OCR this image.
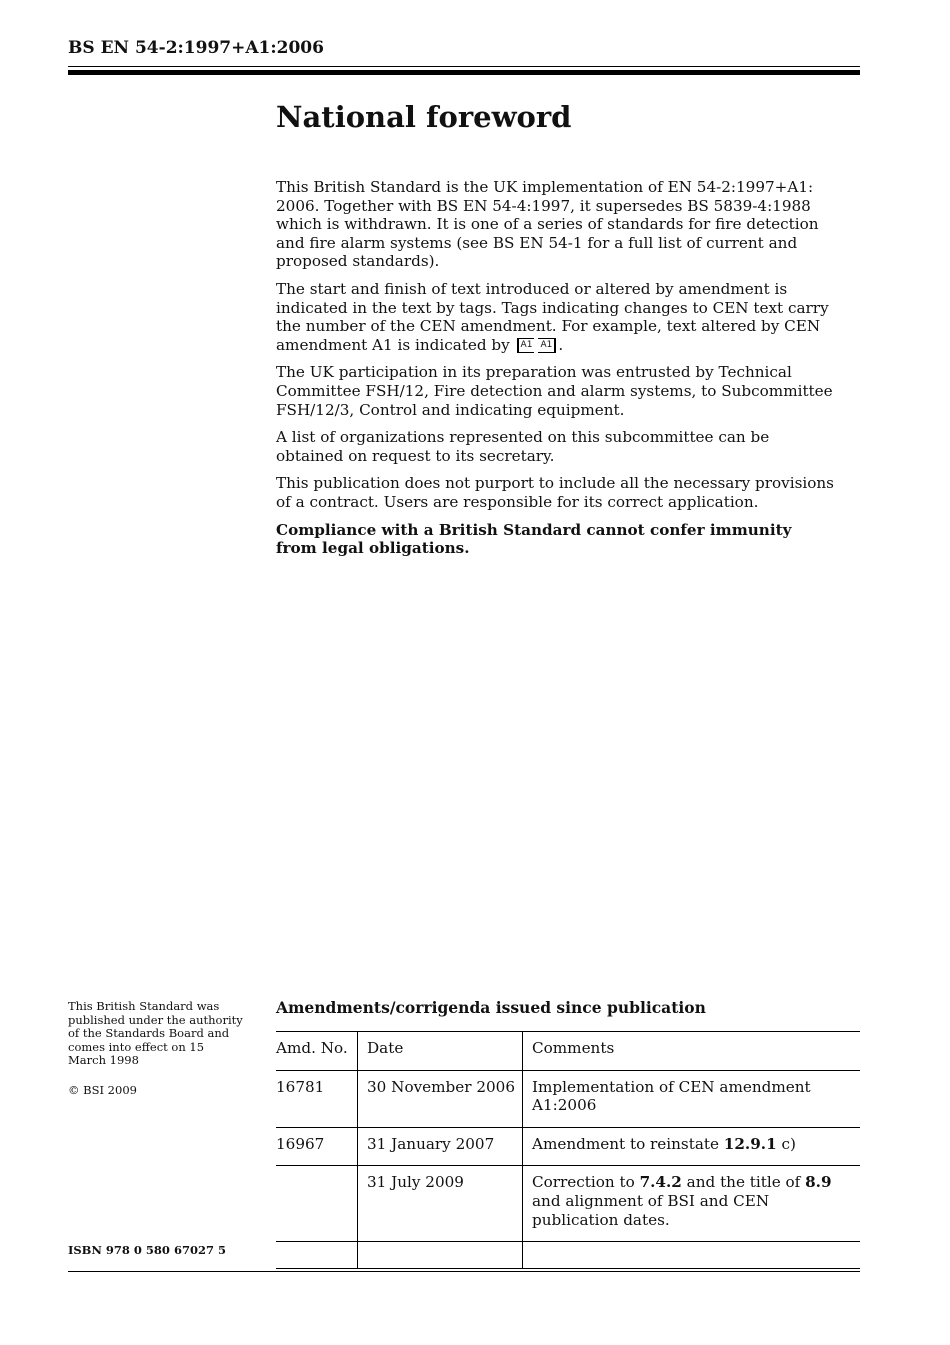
BS EN 54-2:1997+A1:2006
National foreword

This British Standard is the UK implementation of EN 54-2:1997+A1: 2006. Together with BS EN 54-4:1997, it supersedes BS 5839-4:1988 which is withdrawn. It is one of a series of standards for fire detection and fire alarm systems (see BS EN 54-1 for a full list of current and proposed standards).

The start and finish of text introduced or altered by amendment is indicated in the text by tags. Tags indicating changes to CEN text carry the number of the CEN amendment. For example, text altered by CEN amendment A1 is indicated by A1 A1 .

The UK participation in its preparation was entrusted by Technical Committee FSH/12, Fire detection and alarm systems, to Subcommittee FSH/12/3, Control and indicating equipment.

A list of organizations represented on this subcommittee can be obtained on request to its secretary.

This publication does not purport to include all the necessary provisions of a contract. Users are responsible for its correct application.

Compliance with a British Standard cannot confer immunity from legal obligations.

This British Standard was published under the authority of the Standards Board and comes into effect on 15 March 1998

© BSI 2009

ISBN 978 0 580 67027 5
Amendments/corrigenda issued since publication
Amd. No.	Date	Comments
16781	30 November 2006	Implementation of CEN amendment A1:2006
16967	31 January 2007	Amendment to reinstate 12.9.1 c)
	31 July 2009	Correction to 7.4.2 and the title of 8.9 and alignment of BSI and CEN publication dates.
